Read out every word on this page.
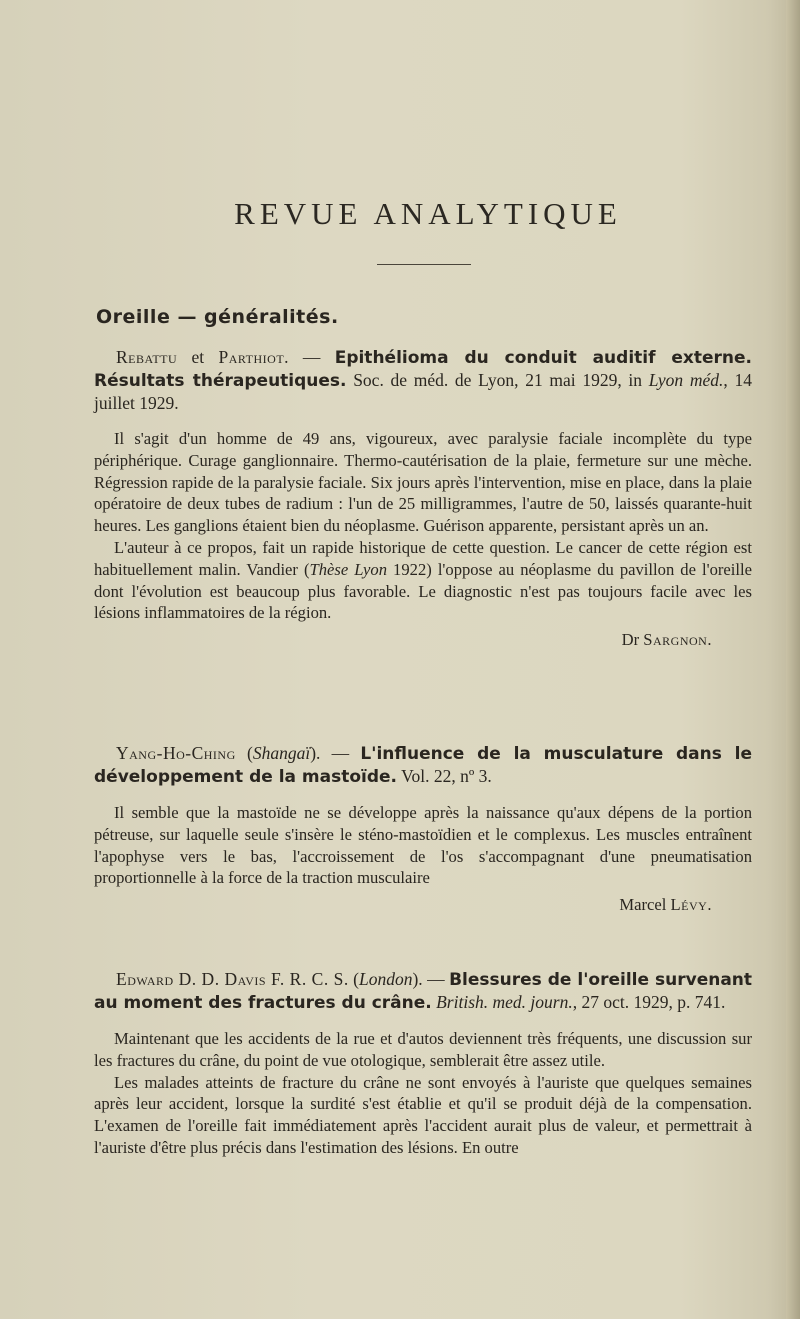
REVUE ANALYTIQUE
Oreille — généralités.

Rebattu et Parthiot. — Epithélioma du conduit auditif externe. Résultats thérapeutiques. Soc. de méd. de Lyon, 21 mai 1929, in Lyon méd., 14 juillet 1929.

Il s'agit d'un homme de 49 ans, vigoureux, avec paralysie faciale incomplète du type périphérique. Curage ganglionnaire. Thermo-cautérisation de la plaie, fermeture sur une mèche. Régression rapide de la paralysie faciale. Six jours après l'intervention, mise en place, dans la plaie opératoire de deux tubes de radium : l'un de 25 milligrammes, l'autre de 50, laissés quarante-huit heures. Les ganglions étaient bien du néoplasme. Guérison apparente, persistant après un an.

L'auteur à ce propos, fait un rapide historique de cette question. Le cancer de cette région est habituellement malin. Vandier (Thèse Lyon 1922) l'oppose au néoplasme du pavillon de l'oreille dont l'évolution est beaucoup plus favorable. Le diagnostic n'est pas toujours facile avec les lésions inflammatoires de la région.

Dr Sargnon.

Yang-Ho-Ching (Shangaï). — L'influence de la musculature dans le développement de la mastoïde. Vol. 22, nº 3.

Il semble que la mastoïde ne se développe après la naissance qu'aux dépens de la portion pétreuse, sur laquelle seule s'insère le sténo-mastoïdien et le complexus. Les muscles entraînent l'apophyse vers le bas, l'accroissement de l'os s'accompagnant d'une pneumatisation proportionnelle à la force de la traction musculaire

Marcel Lévy.

Edward D. D. Davis F. R. C. S. (London). — Blessures de l'oreille survenant au moment des fractures du crâne. British. med. journ., 27 oct. 1929, p. 741.

Maintenant que les accidents de la rue et d'autos deviennent très fréquents, une discussion sur les fractures du crâne, du point de vue otologique, semblerait être assez utile.

Les malades atteints de fracture du crâne ne sont envoyés à l'auriste que quelques semaines après leur accident, lorsque la surdité s'est établie et qu'il se produit déjà de la compensation. L'examen de l'oreille fait immédiatement après l'accident aurait plus de valeur, et permettrait à l'auriste d'être plus précis dans l'estimation des lésions. En outre
